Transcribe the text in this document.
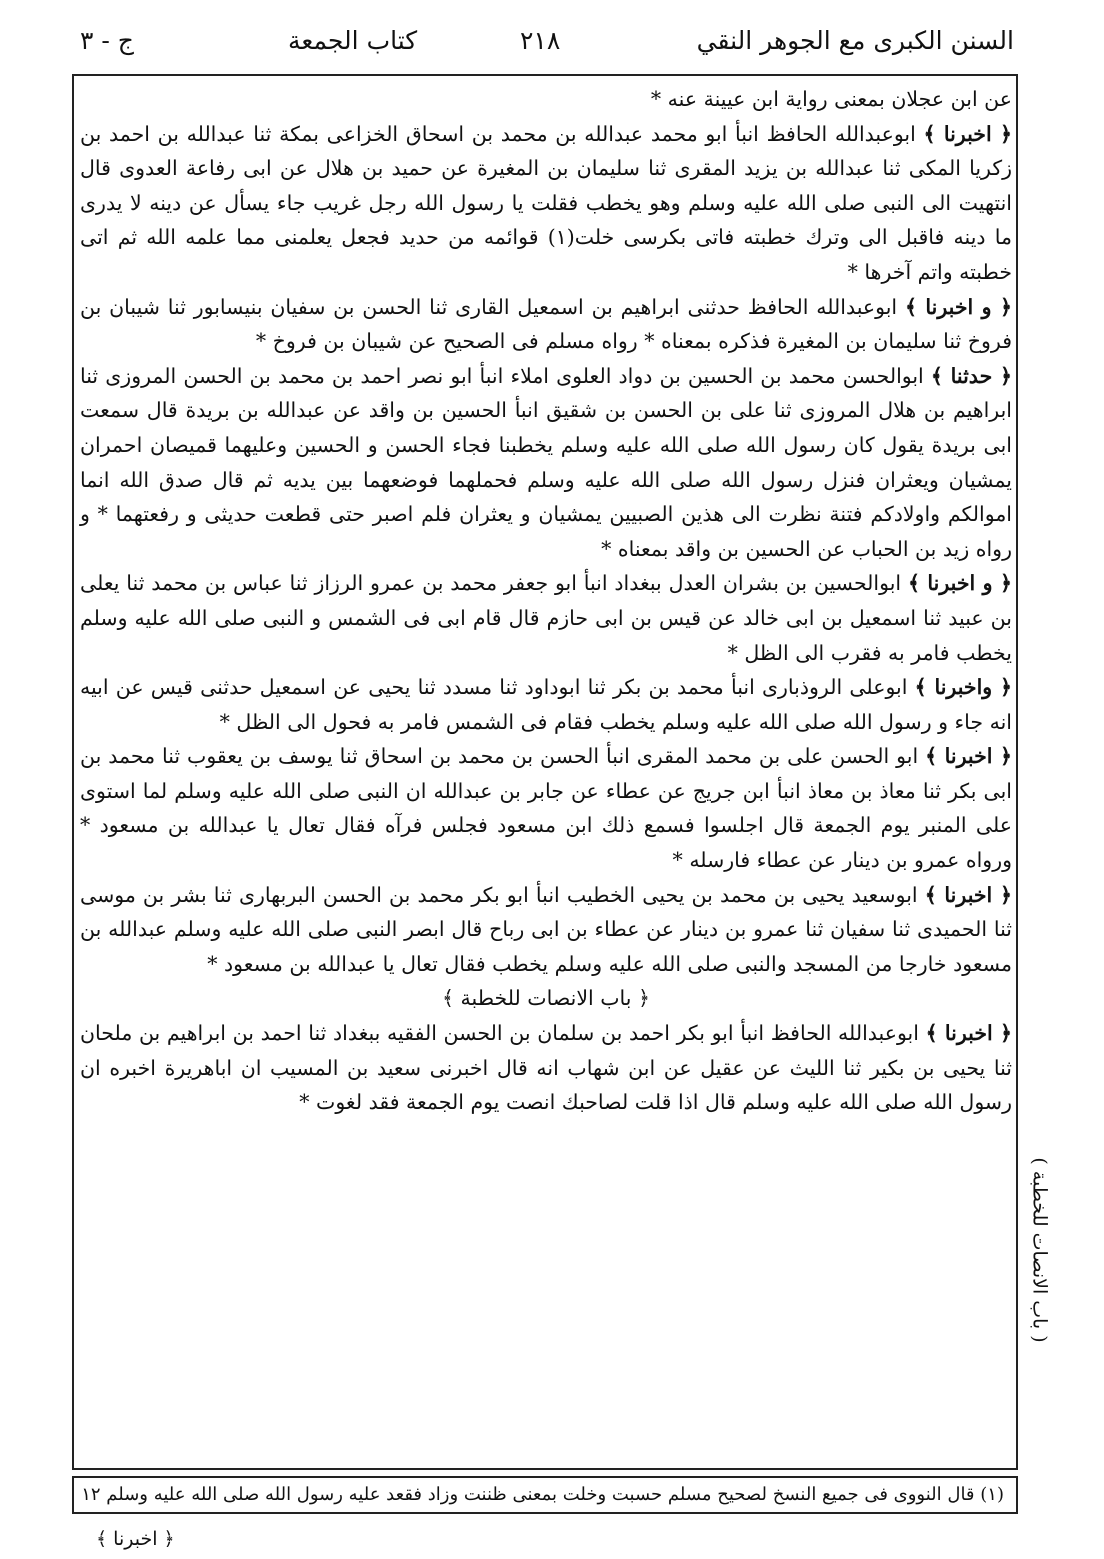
السنن الكبرى مع الجوهر النقي
٢١٨
كتاب الجمعة
ج - ٣

عن ابن عجلان بمعنى رواية ابن عيينة عنه *

﴿ اخبرنا ﴾ ابوعبدالله الحافظ انبأ ابو محمد عبدالله بن محمد بن اسحاق الخزاعى بمكة ثنا عبدالله بن احمد بن زكريا المكى ثنا عبدالله بن يزيد المقرى ثنا سليمان بن المغيرة عن حميد بن هلال عن ابى رفاعة العدوى قال انتهيت الى النبى صلى الله عليه وسلم وهو يخطب فقلت يا رسول الله رجل غريب جاء يسأل عن دينه لا يدرى ما دينه فاقبل الى وترك خطبته فاتى بكرسى خلت(١) قوائمه من حديد فجعل يعلمنى مما علمه الله ثم اتى خطبته واتم آخرها *

﴿ و اخبرنا ﴾ ابوعبدالله الحافظ حدثنى ابراهيم بن اسمعيل القارى ثنا الحسن بن سفيان بنيسابور ثنا شيبان بن فروخ ثنا سليمان بن المغيرة فذكره بمعناه * رواه مسلم فى الصحيح عن شيبان بن فروخ *

﴿ حدثنا ﴾ ابوالحسن محمد بن الحسين بن دواد العلوى املاء انبأ ابو نصر احمد بن محمد بن الحسن المروزى ثنا ابراهيم بن هلال المروزى ثنا على بن الحسن بن شقيق انبأ الحسين بن واقد عن عبدالله بن بريدة قال سمعت ابى بريدة يقول كان رسول الله صلى الله عليه وسلم يخطبنا فجاء الحسن و الحسين وعليهما قميصان احمران يمشيان ويعثران فنزل رسول الله صلى الله عليه وسلم فحملهما فوضعهما بين يديه ثم قال صدق الله انما اموالكم واولادكم فتنة نظرت الى هذين الصبيين يمشيان و يعثران فلم اصبر حتى قطعت حديثى و رفعتهما * و رواه زيد بن الحباب عن الحسين بن واقد بمعناه *

﴿ و اخبرنا ﴾ ابوالحسين بن بشران العدل ببغداد انبأ ابو جعفر محمد بن عمرو الرزاز ثنا عباس بن محمد ثنا يعلى بن عبيد ثنا اسمعيل بن ابى خالد عن قيس بن ابى حازم قال قام ابى فى الشمس و النبى صلى الله عليه وسلم يخطب فامر به فقرب الى الظل *

﴿ واخبرنا ﴾ ابوعلى الروذبارى انبأ محمد بن بكر ثنا ابوداود ثنا مسدد ثنا يحيى عن اسمعيل حدثنى قيس عن ابيه انه جاء و رسول الله صلى الله عليه وسلم يخطب فقام فى الشمس فامر به فحول الى الظل *

﴿ اخبرنا ﴾ ابو الحسن على بن محمد المقرى انبأ الحسن بن محمد بن اسحاق ثنا يوسف بن يعقوب ثنا محمد بن ابى بكر ثنا معاذ بن معاذ انبأ ابن جريج عن عطاء عن جابر بن عبدالله ان النبى صلى الله عليه وسلم لما استوى على المنبر يوم الجمعة قال اجلسوا فسمع ذلك ابن مسعود فجلس فرآه فقال تعال يا عبدالله بن مسعود * ورواه عمرو بن دينار عن عطاء فارسله *

﴿ اخبرنا ﴾ ابوسعيد يحيى بن محمد بن يحيى الخطيب انبأ ابو بكر محمد بن الحسن البربهارى ثنا بشر بن موسى ثنا الحميدى ثنا سفيان ثنا عمرو بن دينار عن عطاء بن ابى رباح قال ابصر النبى صلى الله عليه وسلم عبدالله بن مسعود خارجا من المسجد والنبى صلى الله عليه وسلم يخطب فقال تعال يا عبدالله بن مسعود *

﴿ باب الانصات للخطبة ﴾

﴿ اخبرنا ﴾ ابوعبدالله الحافظ انبأ ابو بكر احمد بن سلمان بن الحسن الفقيه ببغداد ثنا احمد بن ابراهيم بن ملحان ثنا يحيى بن بكير ثنا الليث عن عقيل عن ابن شهاب انه قال اخبرنى سعيد بن المسيب ان اباهريرة اخبره ان رسول الله صلى الله عليه وسلم قال اذا قلت لصاحبك انصت يوم الجمعة فقد لغوت *

( باب الانصات للخطبة )
(١) قال النووى فى جميع النسخ لصحيح مسلم حسبت وخلت بمعنى ظننت وزاد فقعد عليه رسول الله صلى الله عليه وسلم ١٢
﴿ اخبرنا ﴾
